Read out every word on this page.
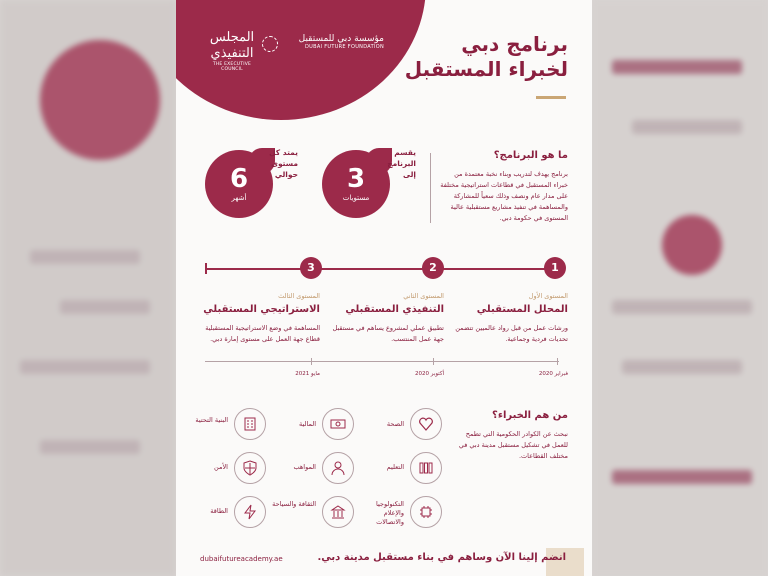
المجلس التنفيذي
THE EXECUTIVE COUNCIL
مؤسسة دبي للمستقبل
DUBAI FUTURE FOUNDATION	برنامج دبي
لخبراء المستقبل
ما هو البرنامج؟
برنامج يهدف لتدريب وبناء نخبة معتمدة من خبراء المستقبل في قطاعات استراتيجية مختلفة على مدار عام ونصف وذلك سعياً للمشاركة والمساهمة في تنفيذ مشاريع مستقبلية عالية المستوى في حكومة دبي.
3
مستويات
يقسم البرنامج إلى
6
أشهر
يمتد كل مستوى حوالي
1
2
3
المستوى الأول
المحلل المستقبلي
ورشات عمل من قبل رواد عالميين تتضمن تحديات فردية وجماعية.
المستوى الثاني
التنفيذي المستقبلي
تطبيق عملي لمشروع يساهم في مستقبل جهة عمل المنتسب.
المستوى الثالث
الاستراتيجي المستقبلي
المساهمة في وضع الاستراتيجية المستقبلية قطاع جهة العمل على مستوى إمارة دبي.
فبراير 2020
أكتوبر 2020
مايو 2021
من هم الخبراء؟
نبحث عن الكوادر الحكومية التي تطمح للعمل في تشكيل مستقبل مدينة دبي في مختلف القطاعات.
الصحة
التعليم
التكنولوجيا والإعلام والاتصالات
المالية
المواهب
الثقافة والسياحة
البنية التحتية
الأمن
الطاقة
انضم إلينا الآن وساهم في بناء مستقبل مدينة دبي.
dubaifutureacademy.ae
